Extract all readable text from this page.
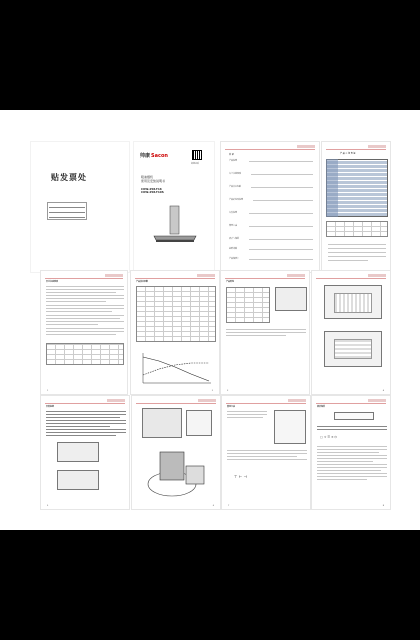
贴发票处
帅康Sacon
扫码查看
吸油烟机
使用及安装说明书
CXW-258-T16
CXW-258-T10S
目 录
产品说明
安全注意事项
产品技术参数
产品结构及说明
安装说明
使用方法
清洁与保养
故障排除
产品保修卡
产 品 三 包 凭 证
安全注意事项
1
产品技术参数
2
产品结构
3	4
安装说明
5	6
使用方法
⊤ ⊢ ⊣
7
清洁保养
▢ ☼ ☰ ✕ ⏻
8
